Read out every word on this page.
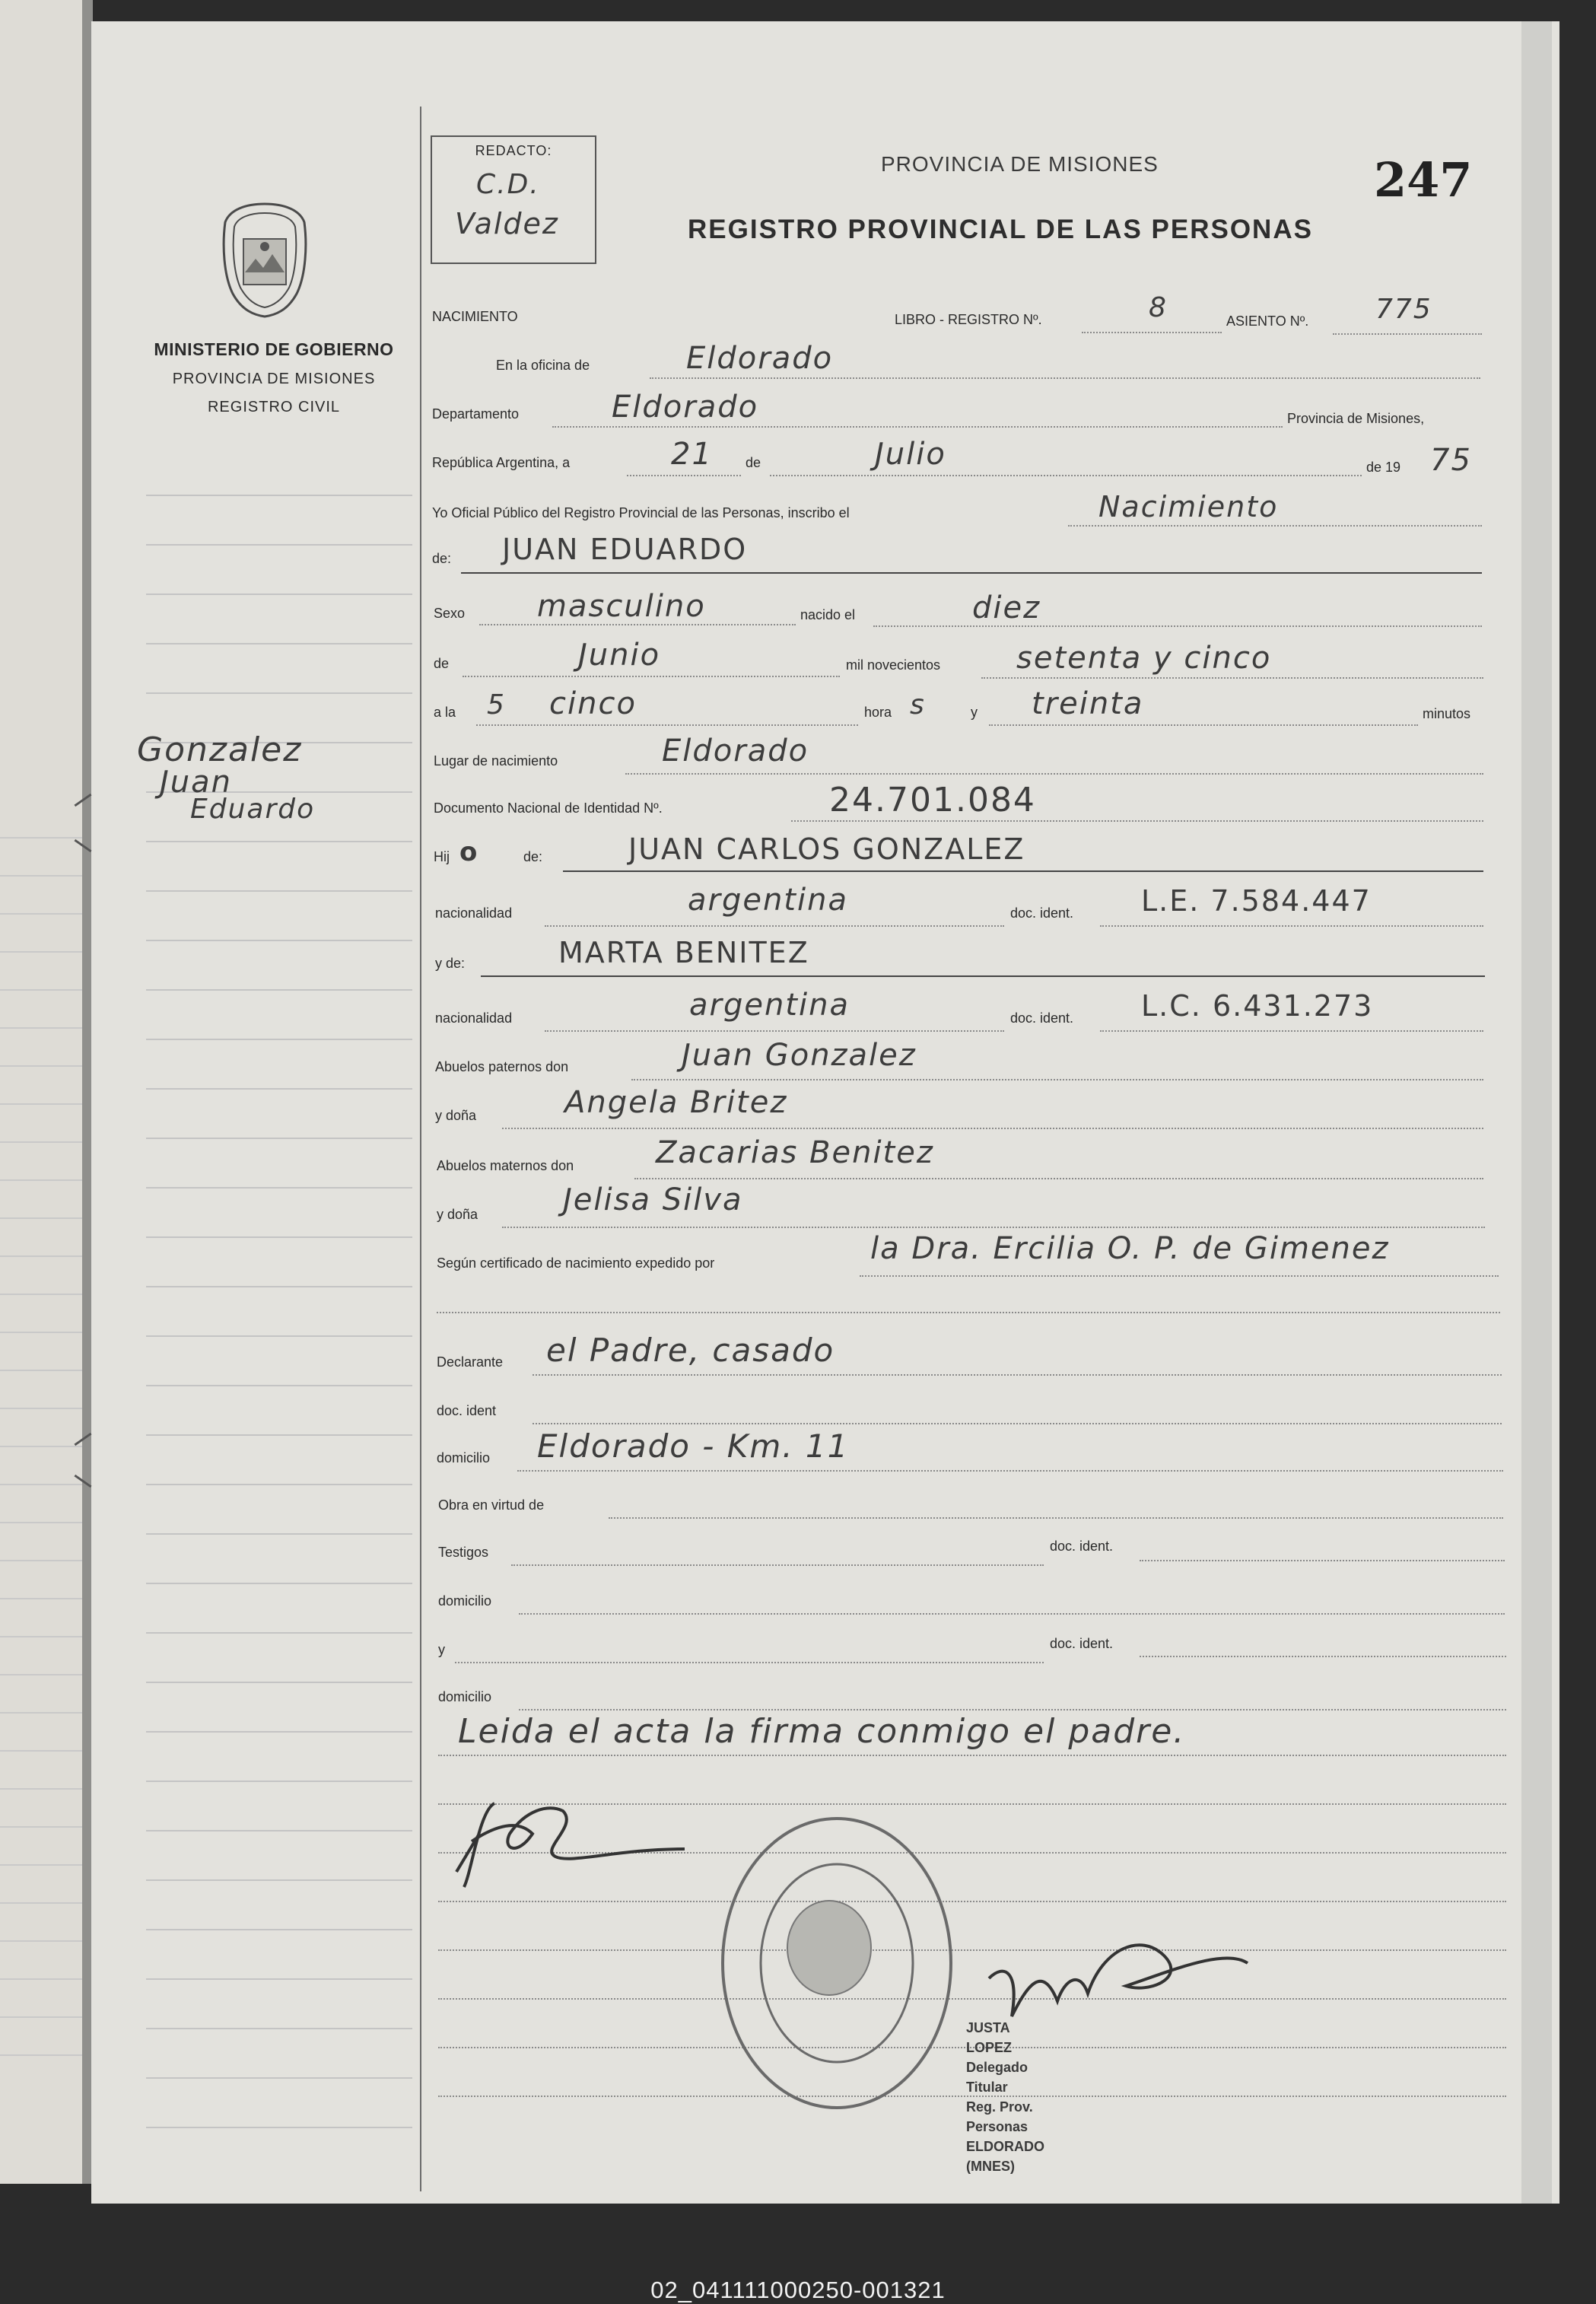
MINISTERIO DE GOBIERNO
PROVINCIA DE MISIONES
REGISTRO CIVIL
Gonzalez
Juan
Eduardo
REDACTO:
C.D.
Valdez
PROVINCIA DE MISIONES
REGISTRO PROVINCIAL DE LAS PERSONAS
247
NACIMIENTO	LIBRO - REGISTRO Nº.	8	ASIENTO Nº. 775
En la oficina de	Eldorado
Departamento	Eldorado	Provincia de Misiones,
República Argentina, a	21 de	Julio	de 19 75
Yo Oficial Público del Registro Provincial de las Personas, inscribo el	Nacimiento
de: JUAN EDUARDO
Sexo masculino	nacido el	diez
de	Junio	mil novecientos setenta y cinco
a la 5 cinco	hora s	y treinta	minutos
Lugar de nacimiento	Eldorado
Documento Nacional de Identidad Nº.	24.701.084
Hij o	de:	JUAN CARLOS GONZALEZ
nacionalidad	argentina	doc. ident. L.E. 7.584.447
y de:	MARTA BENITEZ
nacionalidad	argentina	doc. ident. L.C. 6.431.273
Abuelos paternos don	Juan Gonzalez
y doña	Angela Britez
Abuelos maternos don	Zacarias Benitez
y doña	Jelisa Silva
Según certificado de nacimiento expedido por	la Dra. Ercilia O. P. de Gimenez
Declarante el Padre, casado
doc. ident
domicilio Eldorado - Km. 11
Obra en virtud de
Testigos	doc. ident.
domicilio
y	doc. ident.
domicilio
Leida el acta la firma conmigo el padre.
JUSTA LOPEZ
Delegado Titular
Reg. Prov. Personas
ELDORADO (MNES)
02_041111000250-001321
